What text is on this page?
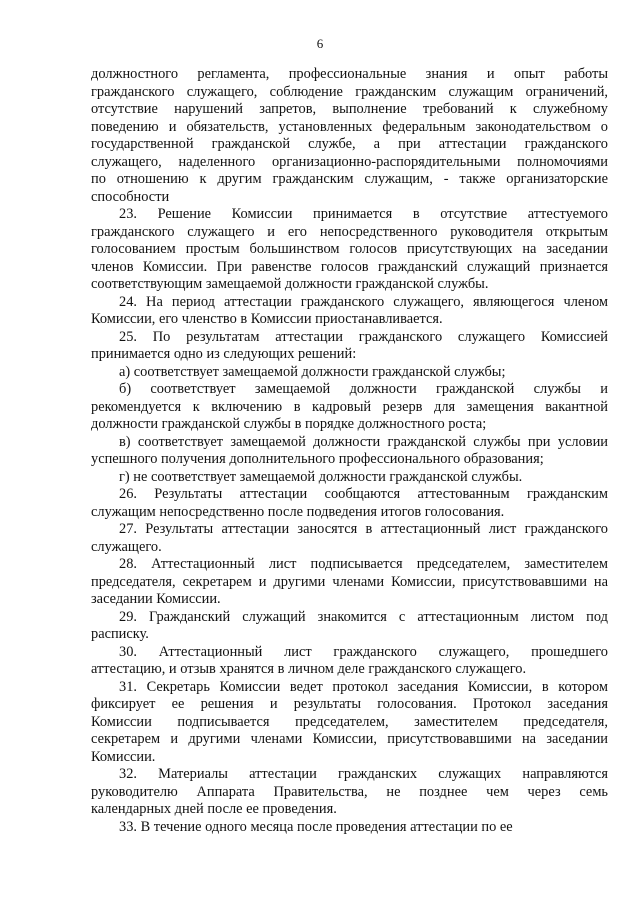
6
должностного регламента, профессиональные знания и опыт работы
гражданского служащего, соблюдение гражданским служащим ограничений,
отсутствие нарушений запретов, выполнение требований к служебному
поведению и обязательств, установленных федеральным законодательством о
государственной гражданской службе, а при аттестации гражданского
служащего, наделенного организационно-распорядительными полномочиями
по отношению к другим гражданским служащим, - также организаторские
способности
23. Решение Комиссии принимается в отсутствие аттестуемого
гражданского служащего и его непосредственного руководителя открытым
голосованием простым большинством голосов присутствующих на заседании
членов Комиссии. При равенстве голосов гражданский служащий признается
соответствующим замещаемой должности гражданской службы.
24. На период аттестации гражданского служащего, являющегося членом
Комиссии, его членство в Комиссии приостанавливается.
25. По результатам аттестации гражданского служащего Комиссией
принимается одно из следующих решений:
а) соответствует замещаемой должности гражданской службы;
б) соответствует замещаемой должности гражданской службы и
рекомендуется к включению в кадровый резерв для замещения вакантной
должности гражданской службы в порядке должностного роста;
в) соответствует замещаемой должности гражданской службы при условии
успешного получения дополнительного профессионального образования;
г) не соответствует замещаемой должности гражданской службы.
26. Результаты аттестации сообщаются аттестованным гражданским
служащим непосредственно после подведения итогов голосования.
27. Результаты аттестации заносятся в аттестационный лист гражданского
служащего.
28. Аттестационный лист подписывается председателем, заместителем
председателя, секретарем и другими членами Комиссии, присутствовавшими на
заседании Комиссии.
29. Гражданский служащий знакомится с аттестационным листом под
расписку.
30. Аттестационный лист гражданского служащего, прошедшего
аттестацию, и отзыв хранятся в личном деле гражданского служащего.
31. Секретарь Комиссии ведет протокол заседания Комиссии, в котором
фиксирует ее решения и результаты голосования. Протокол заседания
Комиссии подписывается председателем, заместителем председателя,
секретарем и другими членами Комиссии, присутствовавшими на заседании
Комиссии.
32. Материалы аттестации гражданских служащих направляются
руководителю Аппарата Правительства, не позднее чем через семь
календарных дней после ее проведения.
33. В течение одного месяца после проведения аттестации по ее
